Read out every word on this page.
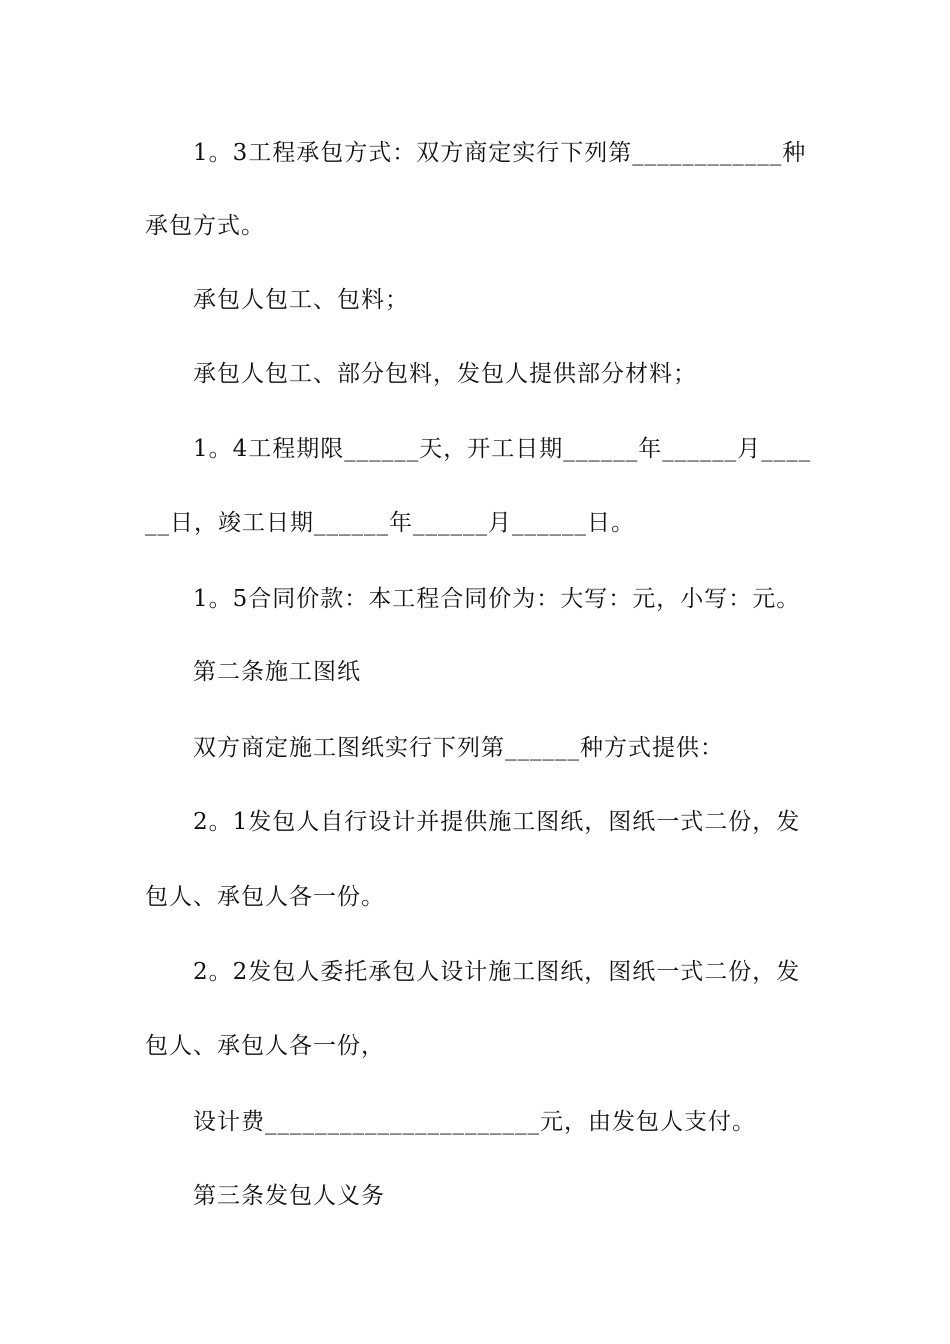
1。3工程承包方式：双方商定实行下列第____________种
承包方式。
承包人包工、包料；
承包人包工、部分包料，发包人提供部分材料；
1。4工程期限______天，开工日期______年______月____
__日，竣工日期______年______月______日。
1。5合同价款：本工程合同价为：大写：元，小写：元。
第二条施工图纸
双方商定施工图纸实行下列第______种方式提供：
2。1发包人自行设计并提供施工图纸，图纸一式二份，发
包人、承包人各一份。
2。2发包人委托承包人设计施工图纸，图纸一式二份，发
包人、承包人各一份，
设计费______________________元，由发包人支付。
第三条发包人义务
